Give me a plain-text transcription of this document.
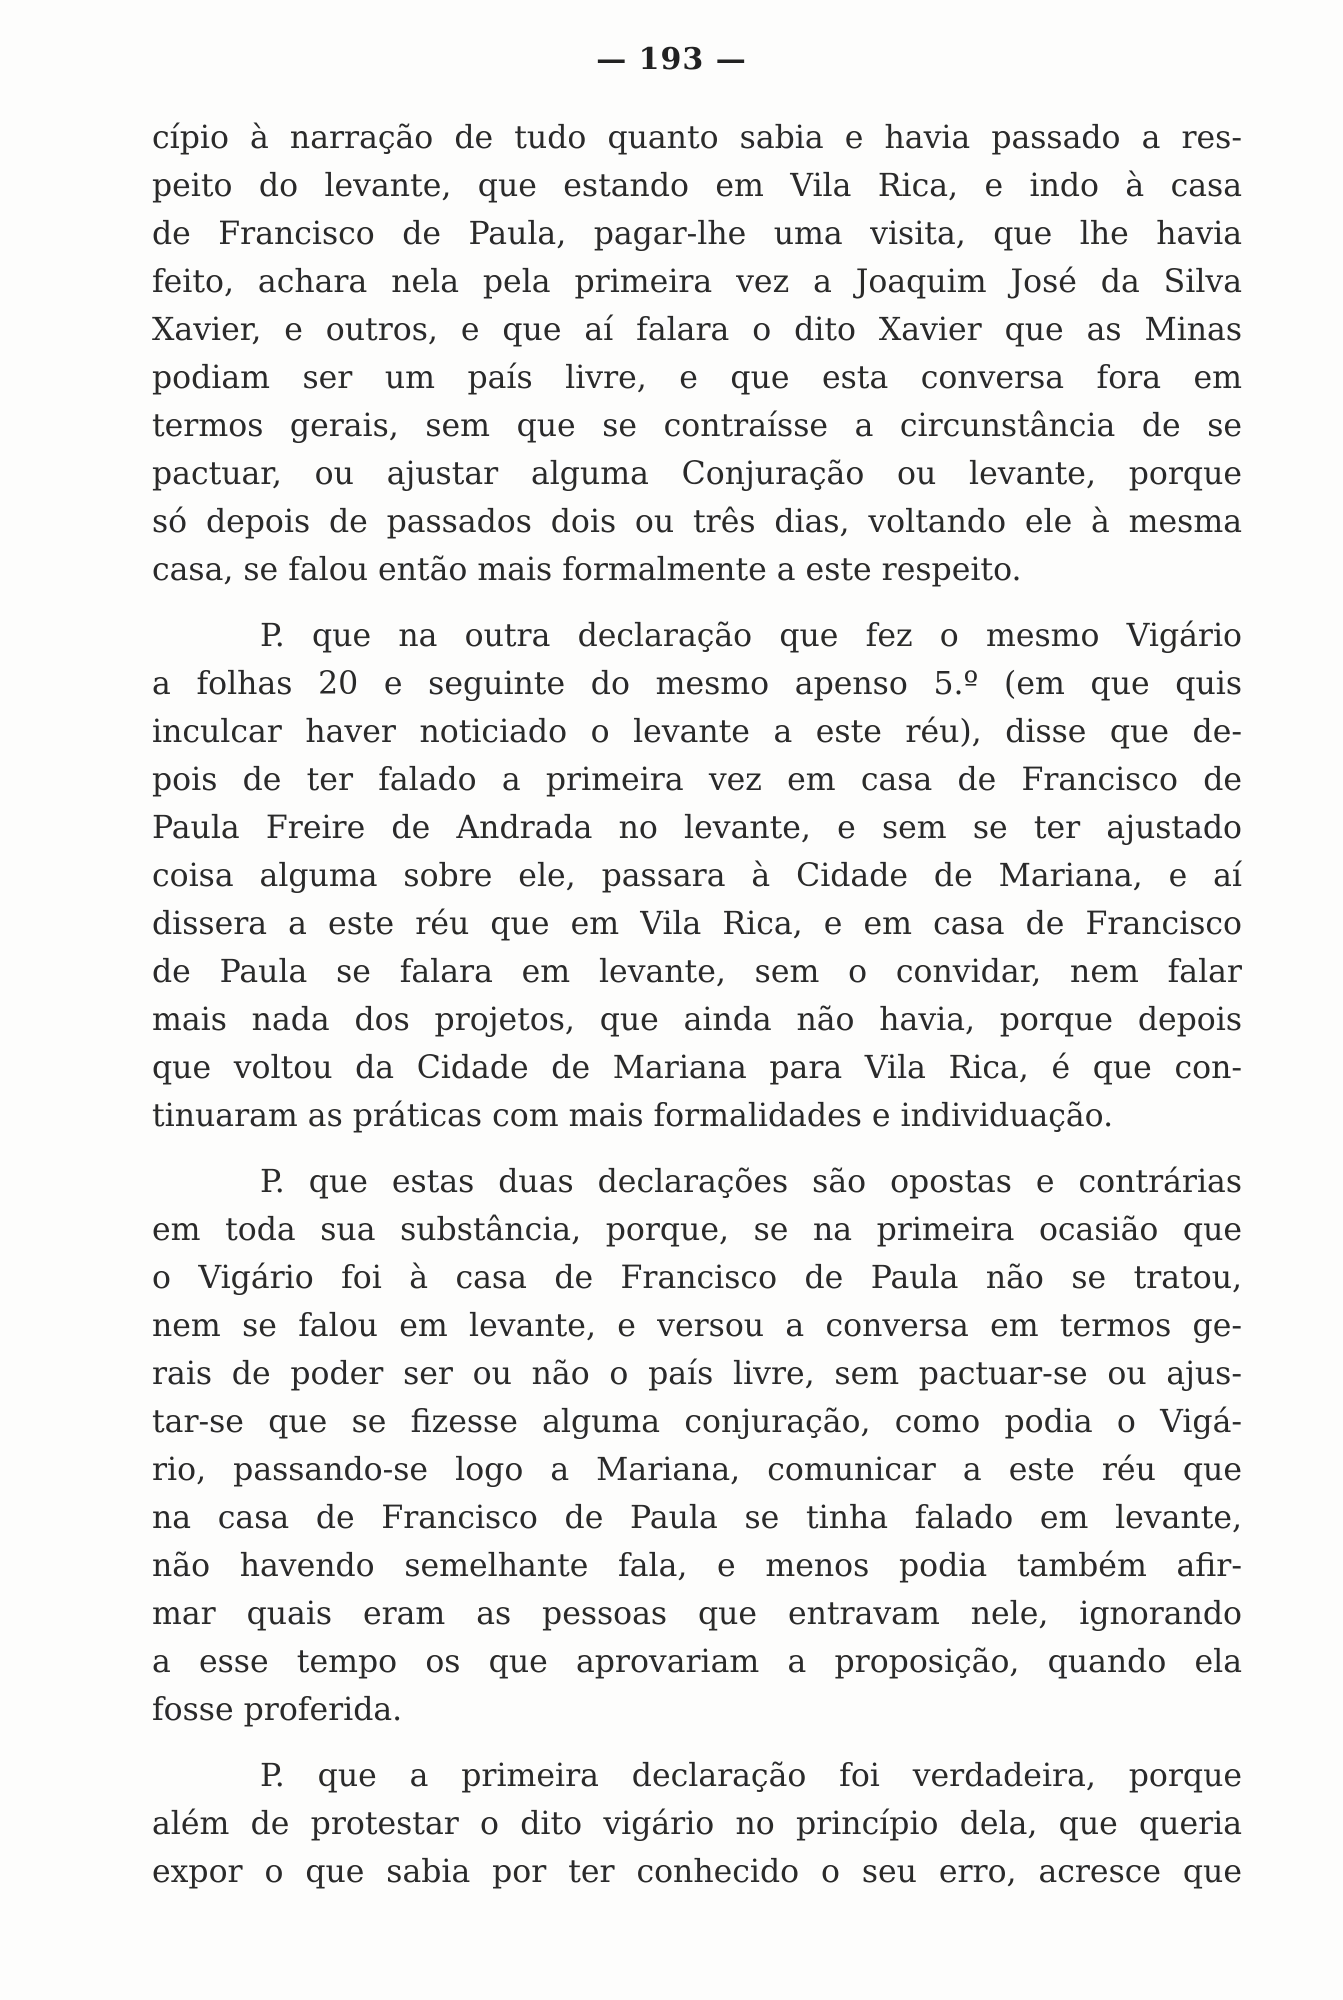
— 193 —
cípio à narração de tudo quanto sabia e havia passado a res-
peito do levante, que estando em Vila Rica, e indo à casa
de Francisco de Paula, pagar-lhe uma visita, que lhe havia
feito, achara nela pela primeira vez a Joaquim José da Silva
Xavier, e outros, e que aí falara o dito Xavier que as Minas
podiam ser um país livre, e que esta conversa fora em
termos gerais, sem que se contraísse a circunstância de se
pactuar, ou ajustar alguma Conjuração ou levante, porque
só depois de passados dois ou três dias, voltando ele à mesma
casa, se falou então mais formalmente a este respeito.
P. que na outra declaração que fez o mesmo Vigário
a folhas 20 e seguinte do mesmo apenso 5.º (em que quis
inculcar haver noticiado o levante a este réu), disse que de-
pois de ter falado a primeira vez em casa de Francisco de
Paula Freire de Andrada no levante, e sem se ter ajustado
coisa alguma sobre ele, passara à Cidade de Mariana, e aí
dissera a este réu que em Vila Rica, e em casa de Francisco
de Paula se falara em levante, sem o convidar, nem falar
mais nada dos projetos, que ainda não havia, porque depois
que voltou da Cidade de Mariana para Vila Rica, é que con-
tinuaram as práticas com mais formalidades e individuação.
P. que estas duas declarações são opostas e contrárias
em toda sua substância, porque, se na primeira ocasião que
o Vigário foi à casa de Francisco de Paula não se tratou,
nem se falou em levante, e versou a conversa em termos ge-
rais de poder ser ou não o país livre, sem pactuar-se ou ajus-
tar-se que se fizesse alguma conjuração, como podia o Vigá-
rio, passando-se logo a Mariana, comunicar a este réu que
na casa de Francisco de Paula se tinha falado em levante,
não havendo semelhante fala, e menos podia também afir-
mar quais eram as pessoas que entravam nele, ignorando
a esse tempo os que aprovariam a proposição, quando ela
fosse proferida.
P. que a primeira declaração foi verdadeira, porque
além de protestar o dito vigário no princípio dela, que queria
expor o que sabia por ter conhecido o seu erro, acresce que
